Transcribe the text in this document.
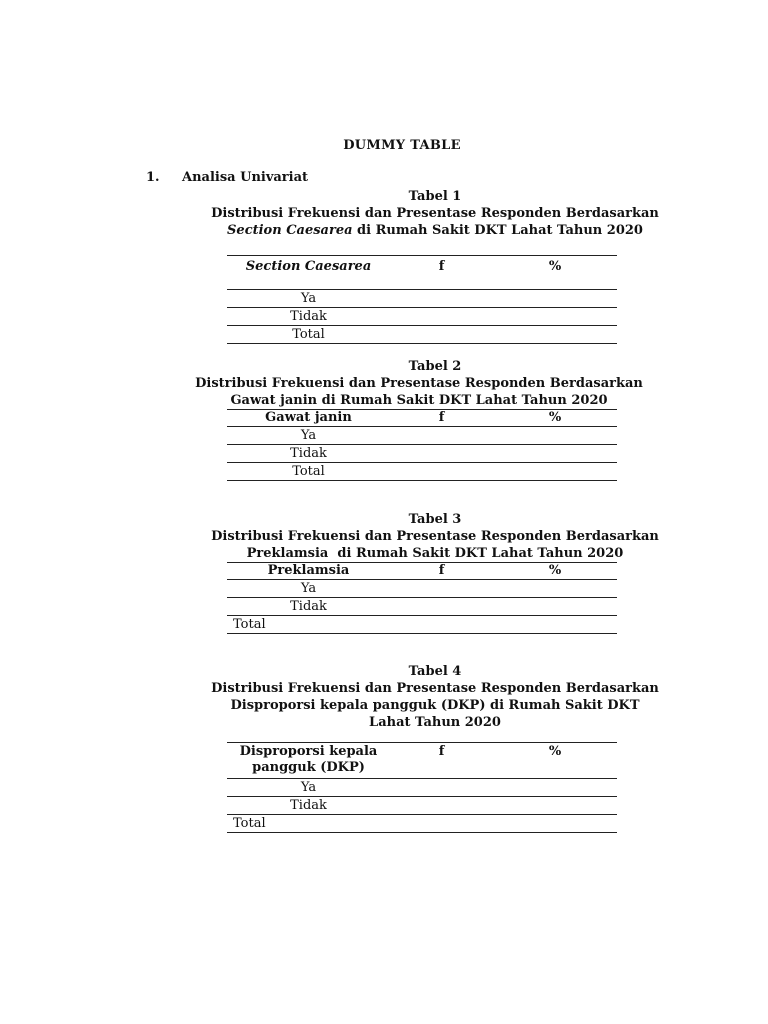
DUMMY TABLE
1. Analisa Univariat
Tabel 1
Distribusi Frekuensi dan Presentase Responden Berdasarkan
Section Caesarea di Rumah Sakit DKT Lahat Tahun 2020
Section Caesarea	f	%
Ya		
Tidak		
Total		
Tabel 2
Distribusi Frekuensi dan Presentase Responden Berdasarkan
Gawat janin di Rumah Sakit DKT Lahat Tahun 2020
Gawat janin	f	%
Ya		
Tidak		
Total		
Tabel 3
Distribusi Frekuensi dan Presentase Responden Berdasarkan
Preklamsia  di Rumah Sakit DKT Lahat Tahun 2020
Preklamsia	f	%
Ya		
Tidak		
Total		
Tabel 4
Distribusi Frekuensi dan Presentase Responden Berdasarkan
Disproporsi kepala pangguk (DKP) di Rumah Sakit DKT
Lahat Tahun 2020
Disproporsi kepala
pangguk (DKP)	f	%
Ya		
Tidak		
Total		
